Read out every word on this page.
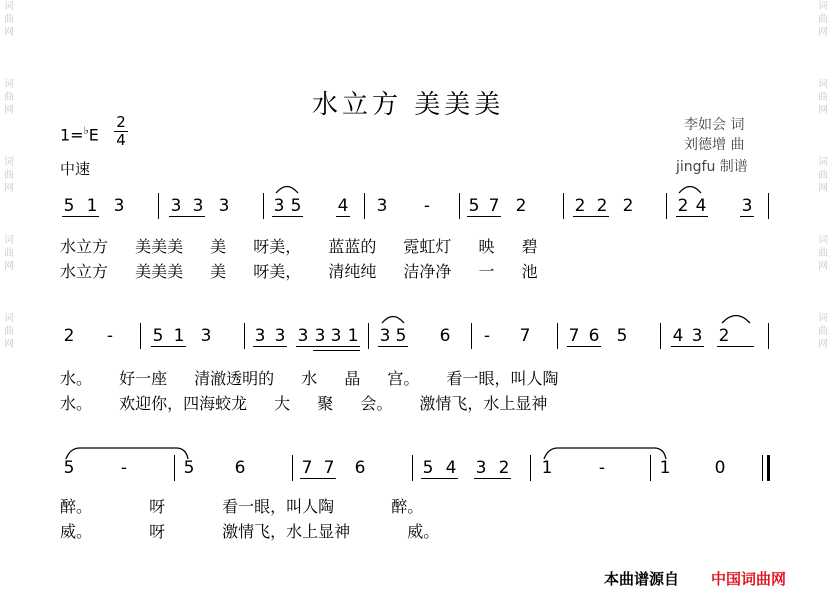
词曲网

词曲网

词曲网

词曲网

词曲网
词曲网

词曲网

词曲网

词曲网

词曲网
水立方 美美美
李如会 词
刘德增 曲
jingfu 制谱
1=♭E
2
4
中速
5 1 3	3 3 3	3 5 4 3 - 5 7 2	2 2 2	2 4 3
水立方 美美美 美 呀美， 蓝蓝的 霓虹灯 映 碧
水立方 美美美 美 呀美， 清纯纯 洁净净 一 池
2 - 5 1 3	3 3 3 3 3 1 3 5 6 - 7 7 6 5	4 3 2
水。 好一座 清澈透明的 水 晶 宫。 看一眼，叫人陶
水。 欢迎你，四海蛟龙 大 聚 会。 激情飞，水上显神
5	-	5 6	7 7 6	5 4 3 2 1	-	1	0
醉。 呀 看一眼，叫人陶 醉。
威。 呀 激情飞，水上显神 威。
本曲谱源自 中国词曲网
